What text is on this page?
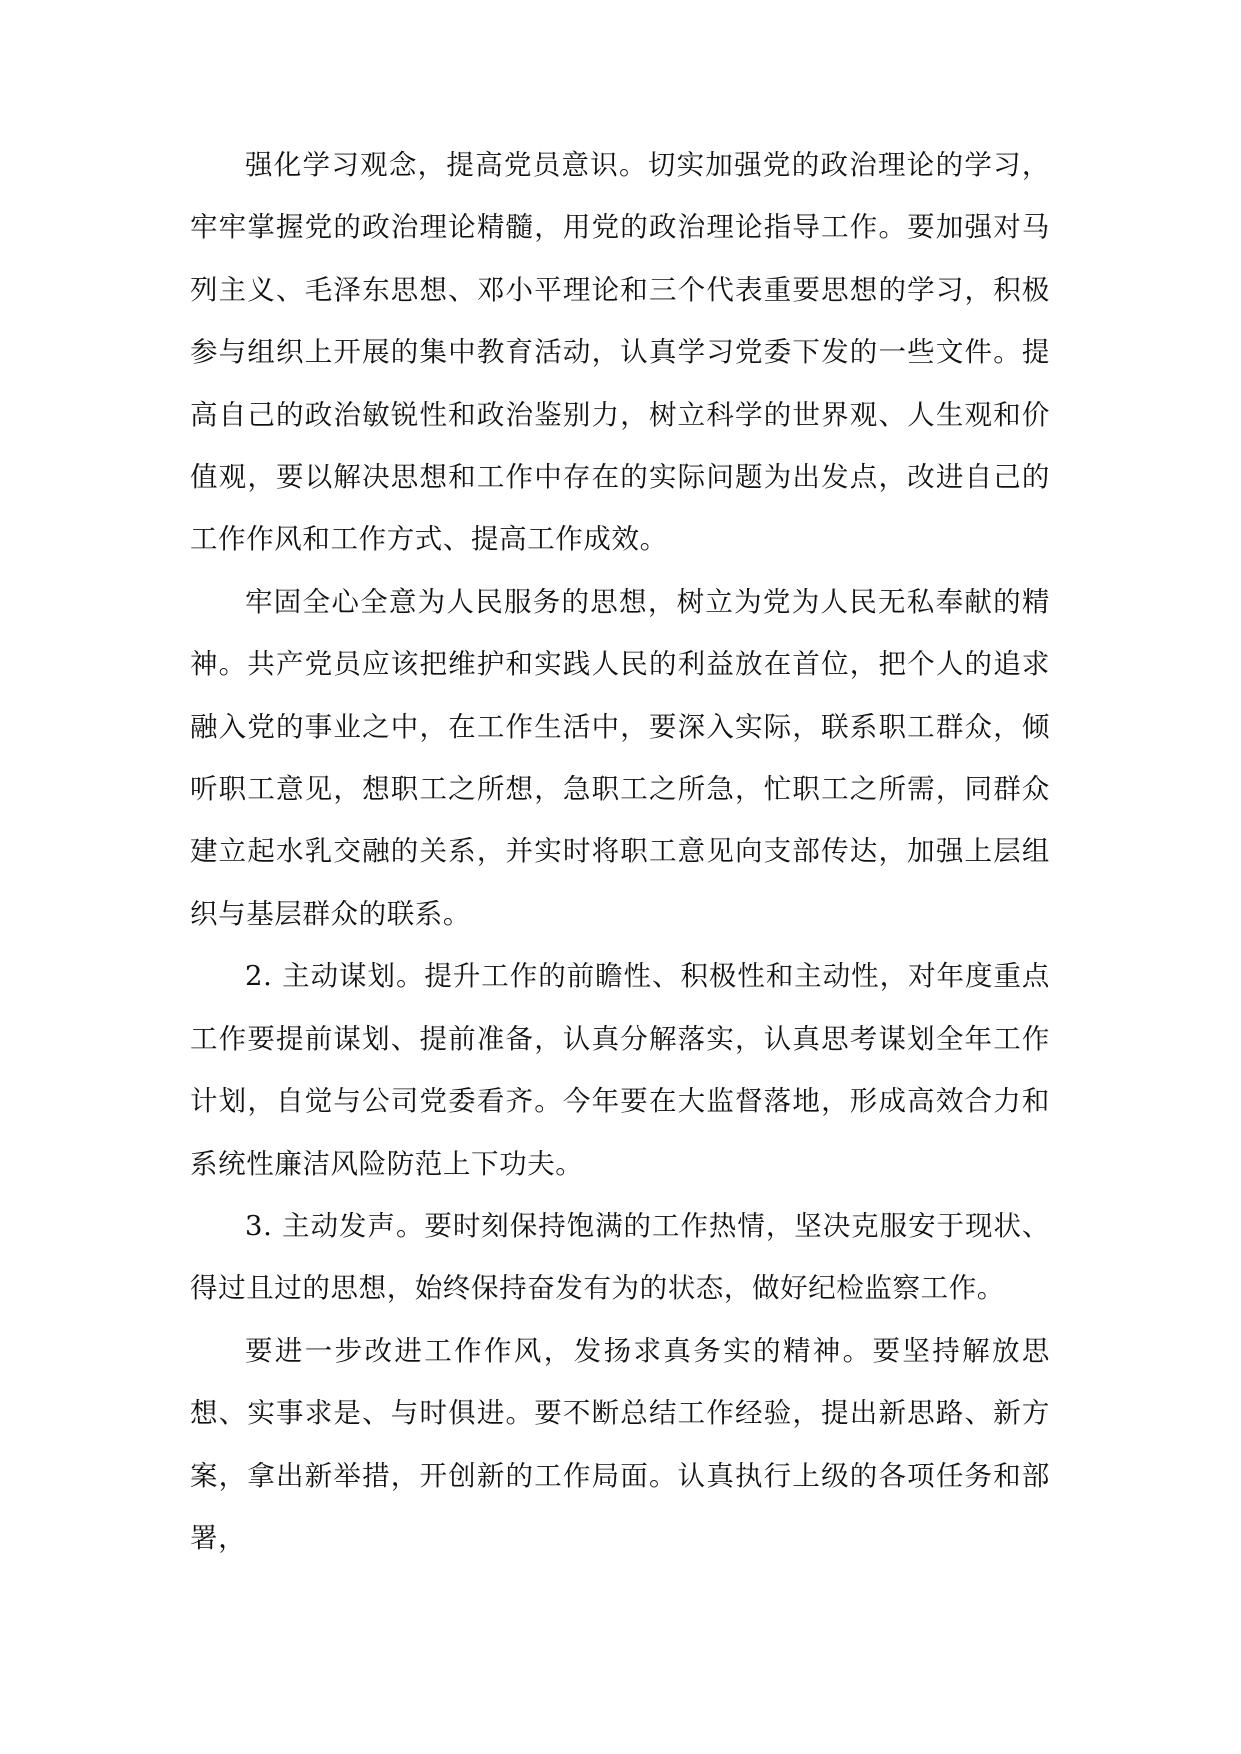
强化学习观念，提高党员意识。切实加强党的政治理论的学习，牢牢掌握党的政治理论精髓，用党的政治理论指导工作。要加强对马列主义、毛泽东思想、邓小平理论和三个代表重要思想的学习，积极参与组织上开展的集中教育活动，认真学习党委下发的一些文件。提高自己的政治敏锐性和政治鉴别力，树立科学的世界观、人生观和价值观，要以解决思想和工作中存在的实际问题为出发点，改进自己的工作作风和工作方式、提高工作成效。

牢固全心全意为人民服务的思想，树立为党为人民无私奉献的精神。共产党员应该把维护和实践人民的利益放在首位，把个人的追求融入党的事业之中，在工作生活中，要深入实际，联系职工群众，倾听职工意见，想职工之所想，急职工之所急，忙职工之所需，同群众建立起水乳交融的关系，并实时将职工意见向支部传达，加强上层组织与基层群众的联系。

2. 主动谋划。提升工作的前瞻性、积极性和主动性，对年度重点工作要提前谋划、提前准备，认真分解落实，认真思考谋划全年工作计划，自觉与公司党委看齐。今年要在大监督落地，形成高效合力和系统性廉洁风险防范上下功夫。

3. 主动发声。要时刻保持饱满的工作热情，坚决克服安于现状、得过且过的思想，始终保持奋发有为的状态，做好纪检监察工作。

要进一步改进工作作风，发扬求真务实的精神。要坚持解放思想、实事求是、与时俱进。要不断总结工作经验，提出新思路、新方案，拿出新举措，开创新的工作局面。认真执行上级的各项任务和部署，
